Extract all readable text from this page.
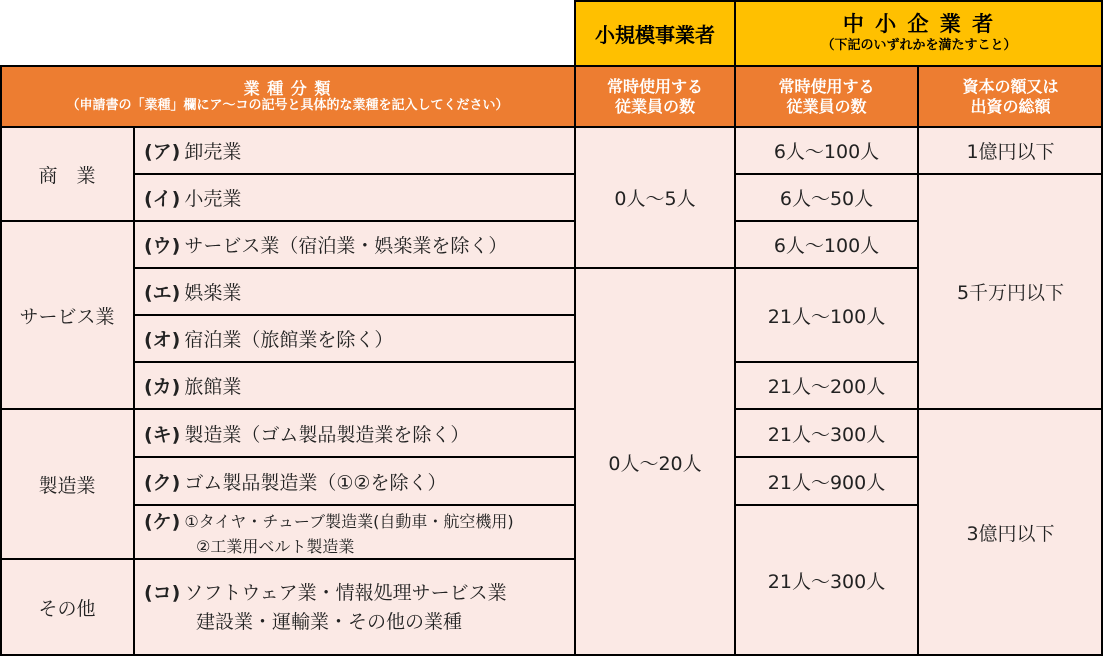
小規模事業者	中 小 企 業 者
（下記のいずれかを満たすこと）
業 種 分 類
（申請書の「業種」欄にア～コの記号と具体的な業種を記入してください）
常時使用する
従業員の数
常時使用する
従業員の数
資本の額又は
出資の総額
商　業
サービス業
製造業
その他
(ア) 卸売業
(イ) 小売業
(ウ) サービス業（宿泊業・娯楽業を除く）
(エ) 娯楽業
(オ) 宿泊業（旅館業を除く）
(カ) 旅館業
(キ) 製造業（ゴム製品製造業を除く）
(ク) ゴム製品製造業（①②を除く）
(ケ) ①タイヤ・チューブ製造業(自動車・航空機用)
②工業用ベルト製造業
(コ) ソフトウェア業・情報処理サービス業
建設業・運輸業・その他の業種
0人～5人
0人～20人
6人～100人
6人～50人
6人～100人
21人～100人
21人～200人
21人～300人
21人～900人
21人～300人
1億円以下
5千万円以下
3億円以下
